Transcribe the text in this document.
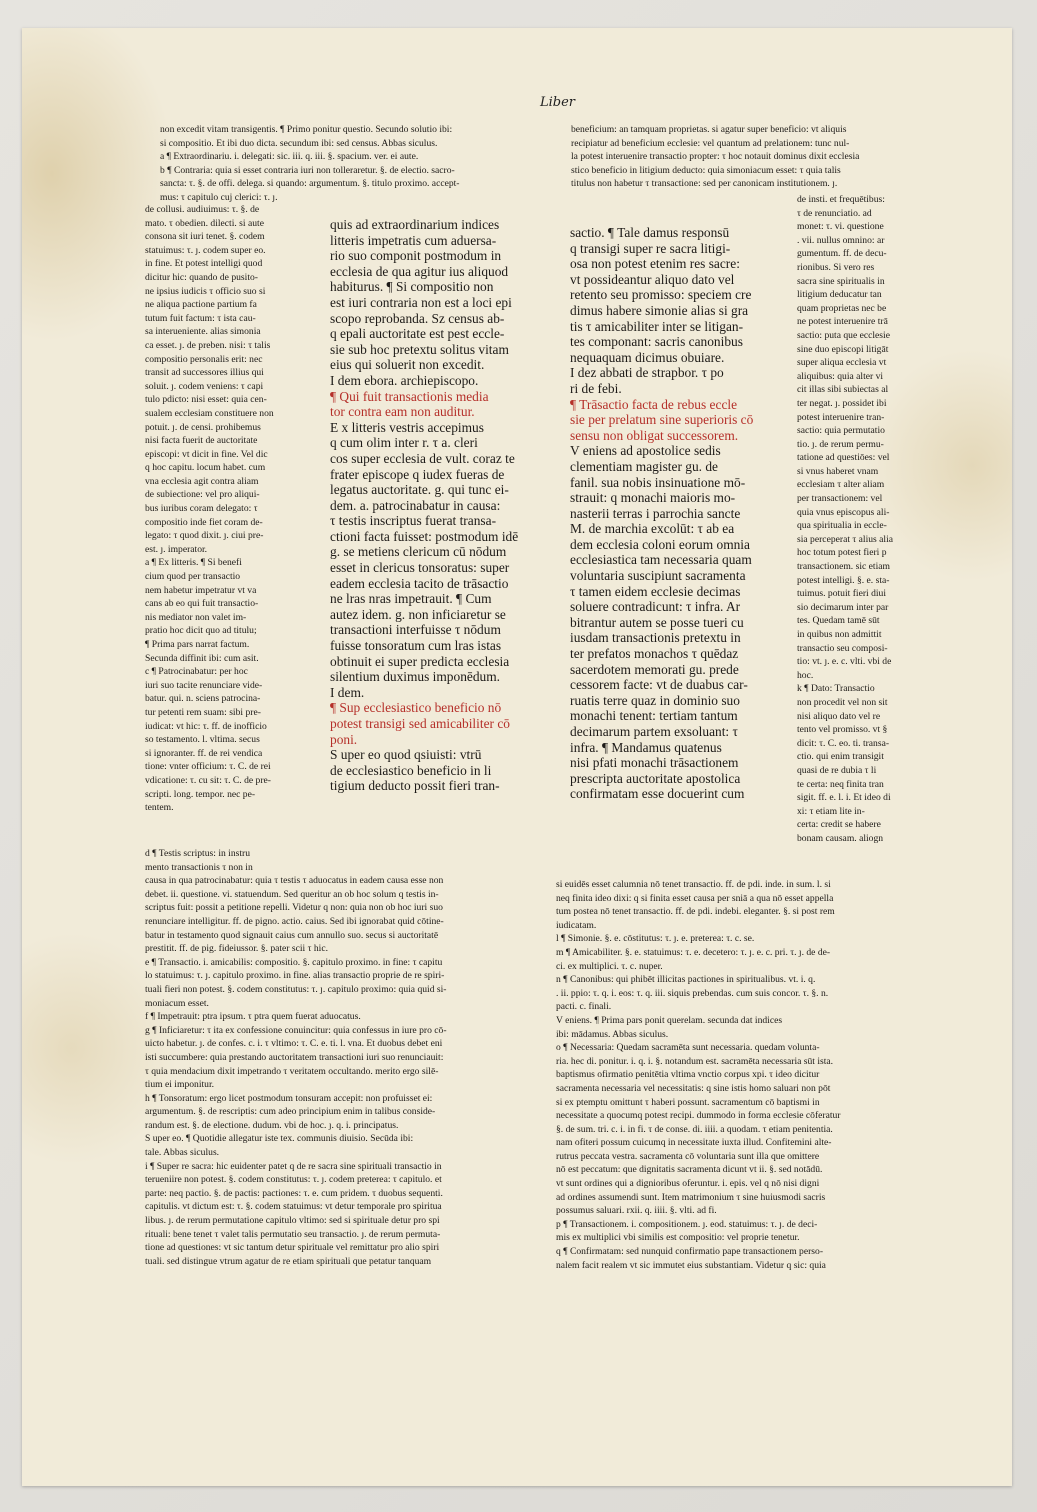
Liber

non excedit vitam transigentis. ¶ Primo ponitur questio. Secundo solutio ibi:

si compositio. Et ibi duo dicta. secundum ibi: sed census. Abbas siculus.

a ¶ Extraordinariu. i. delegati: sic. iii. q. iii. §. spacium. ver. ei aute.

b ¶ Contraria: quia si esset contraria iuri non tolleraretur. §. de electio. sacro-

sancta: τ. §. de offi. delega. si quando: argumentum. §. titulo proximo. accept-

mus: τ capitulo cuj clerici: τ. ȷ.

beneficium: an tamquam proprietas. si agatur super beneficio: vt aliquis

recipiatur ad beneficium ecclesie: vel quantum ad prelationem: tunc nul-

la potest interuenire transactio propter: τ hoc notauit dominus dixit ecclesia

stico beneficio in litigium deducto: quia simoniacum esset: τ quia talis

titulus non habetur τ transactione: sed per canonicam institutionem. ȷ.

de collusi. audiuimus: τ. §. de

mato. τ obedien. dilecti. si aute

consona sit iuri tenet. §. codem

statuimus: τ. ȷ. codem super eo.

in fine. Et potest intelligi quod

dicitur hic: quando de pusito-

ne ipsius iudicis τ officio suo si

ne aliqua pactione partium fa

tutum fuit factum: τ ista cau-

sa interueniente. alias simonia

ca esset. ȷ. de preben. nisi: τ talis

compositio personalis erit: nec

transit ad successores illius qui

soluit. ȷ. codem veniens: τ capi

tulo pdicto: nisi esset: quia cen-

sualem ecclesiam constituere non

potuit. ȷ. de censi. prohibemus

nisi facta fuerit de auctoritate

episcopi: vt dicit in fine. Vel dic

q hoc capitu. locum habet. cum

vna ecclesia agit contra aliam

de subiectione: vel pro aliqui-

bus iuribus coram delegato: τ

compositio inde fiet coram de-

legato: τ quod dixit. ȷ. ciui pre-

est. ȷ. imperator.

a ¶ Ex litteris. ¶ Si benefi

cium quod per transactio

nem habetur impetratur vt va

cans ab eo qui fuit transactio-

nis mediator non valet im-

pratio hoc dicit quo ad titulu;

¶ Prima pars narrat factum.

Secunda diffinit ibi: cum asit.

c ¶ Patrocinabatur: per hoc

iuri suo tacite renunciare vide-

batur. qui. n. sciens patrocina-

tur petenti rem suam: sibi pre-

iudicat: vt hic: τ. ff. de inofficio

so testamento. l. vltima. secus

si ignoranter. ff. de rei vendica

tione: vnter officium: τ. C. de rei

vdicatione: τ. cu sit: τ. C. de pre-

scripti. long. tempor. nec pe-

tentem.

quis ad extraordinarium indices

litteris impetratis cum aduersa-

rio suo componit postmodum in

ecclesia de qua agitur ius aliquod

habiturus. ¶ Si compositio non

est iuri contraria non est a loci epi

scopo reprobanda. Sz census ab-

q epali auctoritate est pest eccle-

sie sub hoc pretextu solitus vitam

eius qui soluerit non excedit.

I dem ebora. archiepiscopo.

¶ Qui fuit transactionis media

tor contra eam non auditur.

E x litteris vestris accepimus

q cum olim inter r. τ a. cleri

cos super ecclesia de vult. coraz te

frater episcope q iudex fueras de

legatus auctoritate. g. qui tunc ei-

dem. a. patrocinabatur in causa:

τ testis inscriptus fuerat transa-

ctioni facta fuisset: postmodum idē

g. se metiens clericum cū nōdum

esset in clericus tonsoratus: super

eadem ecclesia tacito de trāsactio

ne lras nras impetrauit. ¶ Cum

autez idem. g. non inficiaretur se

transactioni interfuisse τ nōdum

fuisse tonsoratum cum lras istas

obtinuit ei super predicta ecclesia

silentium duximus imponēdum.

I dem.

¶ Sup ecclesiastico beneficio nō

potest transigi sed amicabiliter cō

poni.

S uper eo quod qsiuisti: vtrū

de ecclesiastico beneficio in li

tigium deducto possit fieri tran-

sactio. ¶ Tale damus responsū

q transigi super re sacra litigi-

osa non potest etenim res sacre:

vt possideantur aliquo dato vel

retento seu promisso: speciem cre

dimus habere simonie alias si gra

tis τ amicabiliter inter se litigan-

tes componant: sacris canonibus

nequaquam dicimus obuiare.

I dez abbati de strapbor. τ po

ri de febi.

¶ Trāsactio facta de rebus eccle

sie per prelatum sine superioris cō

sensu non obligat successorem.

V eniens ad apostolice sedis

clementiam magister gu. de

fanil. sua nobis insinuatione mō-

strauit: q monachi maioris mo-

nasterii terras i parrochia sancte

M. de marchia excolūt: τ ab ea

dem ecclesia coloni eorum omnia

ecclesiastica tam necessaria quam

voluntaria suscipiunt sacramenta

τ tamen eidem ecclesie decimas

soluere contradicunt: τ infra. Ar

bitrantur autem se posse tueri cu

iusdam transactionis pretextu in

ter prefatos monachos τ quēdaz

sacerdotem memorati gu. prede

cessorem facte: vt de duabus car-

ruatis terre quaz in dominio suo

monachi tenent: tertiam tantum

decimarum partem exsoluant: τ

infra. ¶ Mandamus quatenus

nisi pfati monachi trāsactionem

prescripta auctoritate apostolica

confirmatam esse docuerint cum

de insti. et frequētibus:

τ de renunciatio. ad

monet: τ. vi. questione

. vii. nullus omnino: ar

gumentum. ff. de decu-

rionibus. Si vero res

sacra sine spiritualis in

litigium deducatur tan

quam proprietas nec be

ne potest interuenire trā

sactio: puta que ecclesie

sine duo episcopi litigāt

super aliqua ecclesia vt

aliquibus: quia alter vi

cit illas sibi subiectas al

ter negat. ȷ. possidet ibi

potest interuenire tran-

sactio: quia permutatio

tio. ȷ. de rerum permu-

tatione ad questiōes: vel

si vnus haberet vnam

ecclesiam τ alter aliam

per transactionem: vel

quia vnus episcopus ali-

qua spiritualia in eccle-

sia perceperat τ alius alia

hoc totum potest fieri p

transactionem. sic etiam

potest intelligi. §. e. sta-

tuimus. potuit fieri diui

sio decimarum inter par

tes. Quedam tamē sūt

in quibus non admittit

transactio seu composi-

tio: vt. ȷ. e. c. vlti. vbi de

hoc.

k ¶ Dato: Transactio

non procedit vel non sit

nisi aliquo dato vel re

tento vel promisso. vt §

dicit: τ. C. eo. ti. transa-

ctio. qui enim transigit

quasi de re dubia τ li

te certa: neq finita tran

sigit. ff. e. l. i. Et ideo di

xi: τ etiam lite in-

certa: credit se habere

bonam causam. aliogn

d ¶ Testis scriptus: in instru

mento transactionis τ non in

causa in qua patrocinabatur: quia τ testis τ aduocatus in eadem causa esse non

debet. ii. questione. vi. statuendum. Sed queritur an ob hoc solum q testis in-

scriptus fuit: possit a petitione repelli. Videtur q non: quia non ob hoc iuri suo

renunciare intelligitur. ff. de pigno. actio. caius. Sed ibi ignorabat quid cōtine-

batur in testamento quod signauit caius cum annullo suo. secus si auctoritatē

prestitit. ff. de pig. fideiussor. §. pater scii τ hic.

e ¶ Transactio. i. amicabilis: compositio. §. capitulo proximo. in fine: τ capitu

lo statuimus: τ. ȷ. capitulo proximo. in fine. alias transactio proprie de re spiri-

tuali fieri non potest. §. codem constitutus: τ. ȷ. capitulo proximo: quia quid si-

moniacum esset.

f ¶ Impetrauit: ptra ipsum. τ ptra quem fuerat aduocatus.

g ¶ Inficiaretur: τ ita ex confessione conuincitur: quia confessus in iure pro cō-

uicto habetur. ȷ. de confes. c. i. τ vltimo: τ. C. e. ti. l. vna. Et duobus debet eni

isti succumbere: quia prestando auctoritatem transactioni iuri suo renunciauit:

τ quia mendacium dixit impetrando τ veritatem occultando. merito ergo silē-

tium ei imponitur.

h ¶ Tonsoratum: ergo licet postmodum tonsuram accepit: non profuisset ei:

argumentum. §. de rescriptis: cum adeo principium enim in talibus conside-

randum est. §. de electione. dudum. vbi de hoc. ȷ. q. i. principatus.

S uper eo. ¶ Quotidie allegatur iste tex. communis diuisio. Secūda ibi:

tale. Abbas siculus.

i ¶ Super re sacra: hic euidenter patet q de re sacra sine spirituali transactio in

terueniire non potest. §. codem constitutus: τ. ȷ. codem preterea: τ capitulo. et

parte: neq pactio. §. de pactis: pactiones: τ. e. cum pridem. τ duobus sequenti.

capitulis. vt dictum est: τ. §. codem statuimus: vt detur temporale pro spiritua

libus. ȷ. de rerum permutatione capitulo vltimo: sed si spirituale detur pro spi

rituali: bene tenet τ valet talis permutatio seu transactio. ȷ. de rerum permuta-

tione ad questiones: vt sic tantum detur spirituale vel remittatur pro alio spiri

tuali. sed distingue vtrum agatur de re etiam spirituali que petatur tanquam

si euidēs esset calumnia nō tenet transactio. ff. de pdi. inde. in sum. l. si

neq finita ideo dixi: q si finita esset causa per sniā a qua nō esset appella

tum postea nō tenet transactio. ff. de pdi. indebi. eleganter. §. si post rem

iudicatam.

l ¶ Simonie. §. e. cōstitutus: τ. ȷ. e. preterea: τ. c. se.

m ¶ Amicabiliter. §. e. statuimus: τ. e. decetero: τ. ȷ. e. c. pri. τ. ȷ. de de-

ci. ex multiplici. τ. c. nuper.

n ¶ Canonibus: qui phibēt illicitas pactiones in spiritualibus. vt. i. q.

. ii. ppio: τ. q. i. eos: τ. q. iii. siquis prebendas. cum suis concor. τ. §. n.

pacti. c. finali.

V eniens. ¶ Prima pars ponit querelam. secunda dat indices

ibi: mādamus. Abbas siculus.

o ¶ Necessaria: Quedam sacramēta sunt necessaria. quedam volunta-

ria. hec di. ponitur. i. q. i. §. notandum est. sacramēta necessaria sūt ista.

baptismus ofirmatio penitētia vltima vnctio corpus xpi. τ ideo dicitur

sacramenta necessaria vel necessitatis: q sine istis homo saluari non pōt

si ex ptemptu omittunt τ haberi possunt. sacramentum cō baptismi in

necessitate a quocumq potest recipi. dummodo in forma ecclesie cōferatur

§. de sum. tri. c. i. in fi. τ de conse. di. iiii. a quodam. τ etiam penitentia.

nam ofiteri possum cuicumq in necessitate iuxta illud. Confitemini alte-

rutrus peccata vestra. sacramenta cō voluntaria sunt illa que omittere

nō est peccatum: que dignitatis sacramenta dicunt vt ii. §. sed notādū.

vt sunt ordines qui a dignioribus oferuntur. i. epis. vel q nō nisi digni

ad ordines assumendi sunt. Item matrimonium τ sine huiusmodi sacris

possumus saluari. rxii. q. iiii. §. vlti. ad fi.

p ¶ Transactionem. i. compositionem. ȷ. eod. statuimus: τ. ȷ. de deci-

mis ex multiplici vbi similis est compositio: vel proprie tenetur.

q ¶ Confirmatam: sed nunquid confirmatio pape transactionem perso-

nalem facit realem vt sic immutet eius substantiam. Videtur q sic: quia
